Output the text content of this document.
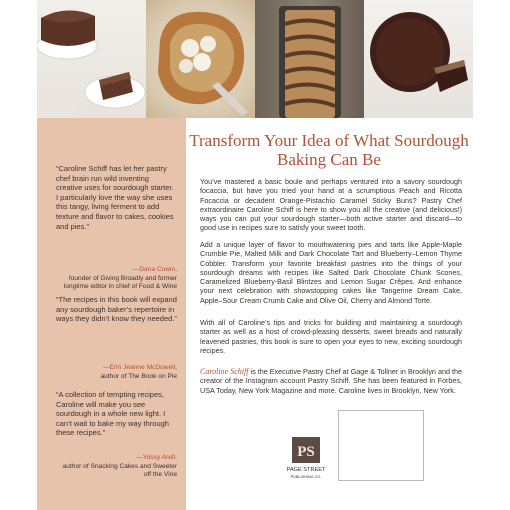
“Caroline Schiff has let her pastry chef brain run wild inventing creative uses for sourdough starter. I particularly love the way she uses this tangy, living ferment to add texture and flavor to cakes, cookies and pies.”
—Dana Cowin,
founder of Giving Broadly and former longtime editor in chief of Food & Wine
“The recipes in this book will expand any sourdough baker’s repertoire in ways they didn’t know they needed.”
—Erin Jeanne McDowell,
author of The Book on Pie
“A collection of tempting recipes, Caroline will make you see sourdough in a whole new light. I can’t wait to bake my way through these recipes.”
—Yossy Arefi,
author of Snacking Cakes and Sweeter off the Vine
Transform Your Idea of What Sourdough Baking Can Be

You’ve mastered a basic boule and perhaps ventured into a savory sourdough focaccia, but have you tried your hand at a scrumptious Peach and Ricotta Focaccia or decadent Orange-Pistachio Caramel Sticky Buns? Pastry Chef extraordinaire Caroline Schiff is here to show you all the creative (and delicious!) ways you can put your sourdough starter—both active starter and discard—to good use in recipes sure to satisfy your sweet tooth.

Add a unique layer of flavor to mouthwatering pies and tarts like Apple-Maple Crumble Pie, Malted Milk and Dark Chocolate Tart and Blueberry–Lemon Thyme Cobbler. Transform your favorite breakfast pastries into the things of your sourdough dreams with recipes like Salted Dark Chocolate Chunk Scones, Caramelized Blueberry-Basil Blintzes and Lemon Sugar Crêpes. And enhance your next celebration with showstopping cakes like Tangerine Dream Cake, Apple–Sour Cream Crumb Cake and Olive Oil, Cherry and Almond Torte.

With all of Caroline’s tips and tricks for building and maintaining a sourdough starter as well as a host of crowd-pleasing desserts, sweet breads and naturally leavened pastries, this book is sure to open your eyes to new, exciting sourdough recipes.

Caroline Schiff is the Executive Pastry Chef at Gage & Tollner in Brooklyn and the creator of the Instagram account Pastry Schiff. She has been featured in Forbes, USA Today, New York Magazine and more. Caroline lives in Brooklyn, New York.

PS
PAGE STREET
PUBLISHING CO.
